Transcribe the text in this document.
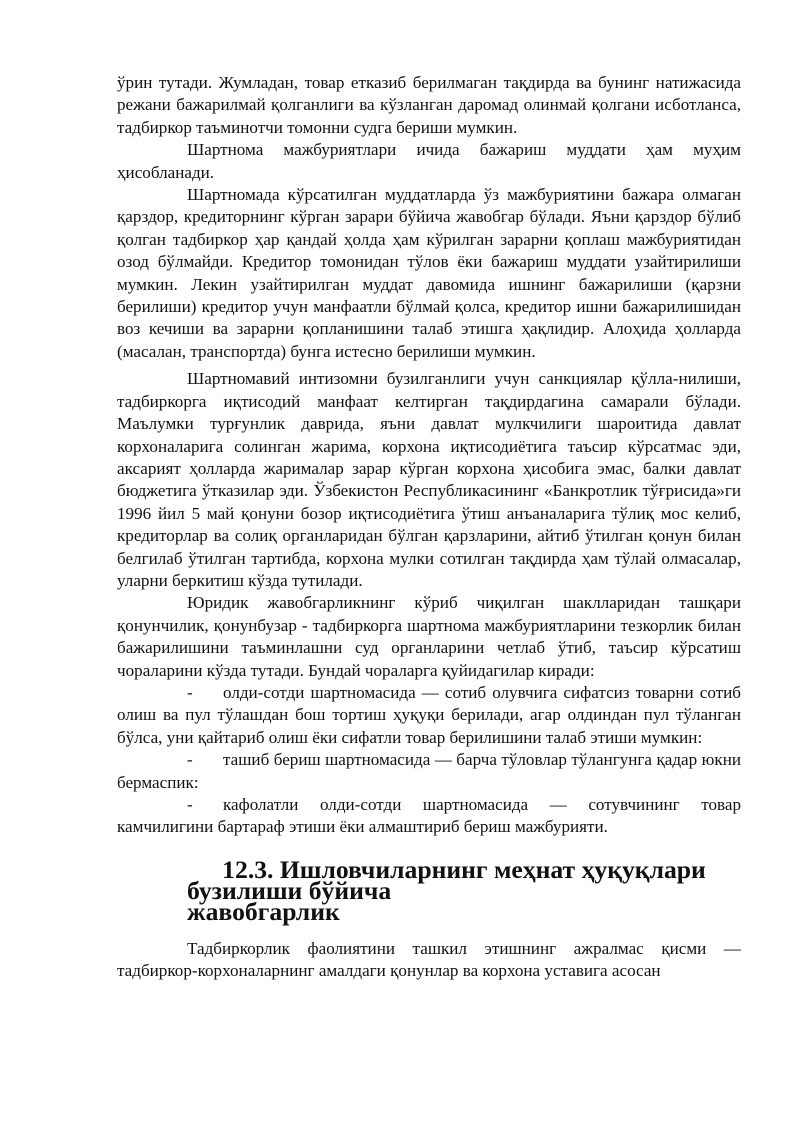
ўрин тутади. Жумладан, товар етказиб берилмаган тақдирда ва бунинг натижасида режани бажарилмай қолганлиги ва кўзланган даромад олинмай қолгани исботланса, тадбиркор таъминотчи томонни судга бериши мумкин.

Шартнома мажбуриятлари ичида бажариш муддати ҳам муҳим ҳисобланади.

Шартномада кўрсатилган муддатларда ўз мажбуриятини бажара олмаган қарздор, кредиторнинг кўрган зарари бўйича жавобгар бўлади. Яъни қарздор бўлиб қолган тадбиркор ҳар қандай ҳолда ҳам кўрилган зарарни қоплаш мажбуриятидан озод бўлмайди. Кредитор томонидан тўлов ёки бажариш муддати узайтирилиши мумкин. Лекин узайтирилган муддат давомида ишнинг бажарилиши (қарзни берилиши) кредитор учун манфаатли бўлмай қолса, кредитор ишни бажарилишидан воз кечиши ва зарарни қопланишини талаб этишга ҳақлидир. Алоҳида ҳолларда (масалан, транспортда) бунга истесно берилиши мумкин.

Шартномавий интизомни бузилганлиги учун санкциялар қўлла-нилиши, тадбиркорга иқтисодий манфаат келтирган тақдирдагина самарали бўлади. Маълумки турғунлик даврида, яъни давлат мулкчилиги шароитида давлат корхоналарига солинган жарима, корхона иқтисодиётига таъсир кўрсатмас эди, аксарият ҳолларда жарималар зарар кўрган корхона ҳисобига эмас, балки давлат бюджетига ўтказилар эди. Ўзбекистон Республикасининг «Банкротлик тўғрисида»ги 1996 йил 5 май қонуни бозор иқтисодиётига ўтиш анъаналарига тўлиқ мос келиб, кредиторлар ва солиқ органларидан бўлган қарзларини, айтиб ўтилган қонун билан белгилаб ўтилган тартибда, корхона мулки сотилган тақдирда ҳам тўлай олмасалар, уларни беркитиш кўзда тутилади.

Юридик жавобгарликнинг кўриб чиқилган шаклларидан ташқари қонунчилик, қонунбузар - тадбиркорга шартнома мажбуриятларини тезкорлик билан бажарилишини таъминлашни суд органларини четлаб ўтиб, таъсир кўрсатиш чораларини кўзда тутади. Бундай чораларга қуйидагилар киради:

- олди-сотди шартномасида — сотиб олувчига сифатсиз товарни сотиб олиш ва пул тўлашдан бош тортиш ҳуқуқи берилади, агар олдиндан пул тўланган бўлса, уни қайтариб олиш ёки сифатли товар берилишини талаб этиши мумкин:

- ташиб бериш шартномасида — барча тўловлар тўлангунга қадар юкни бермаспик:

- кафолатли олди-сотди шартномасида — сотувчининг товар камчилигини бартараф этиши ёки алмаштириб бериш мажбурияти.

12.3. Ишловчиларнинг меҳнат ҳуқуқлари бузилиши бўйича
жавобгарлик

Тадбиркорлик фаолиятини ташкил этишнинг ажралмас қисми — тадбиркор-корхоналарнинг амалдаги қонунлар ва корхона уставига асосан
